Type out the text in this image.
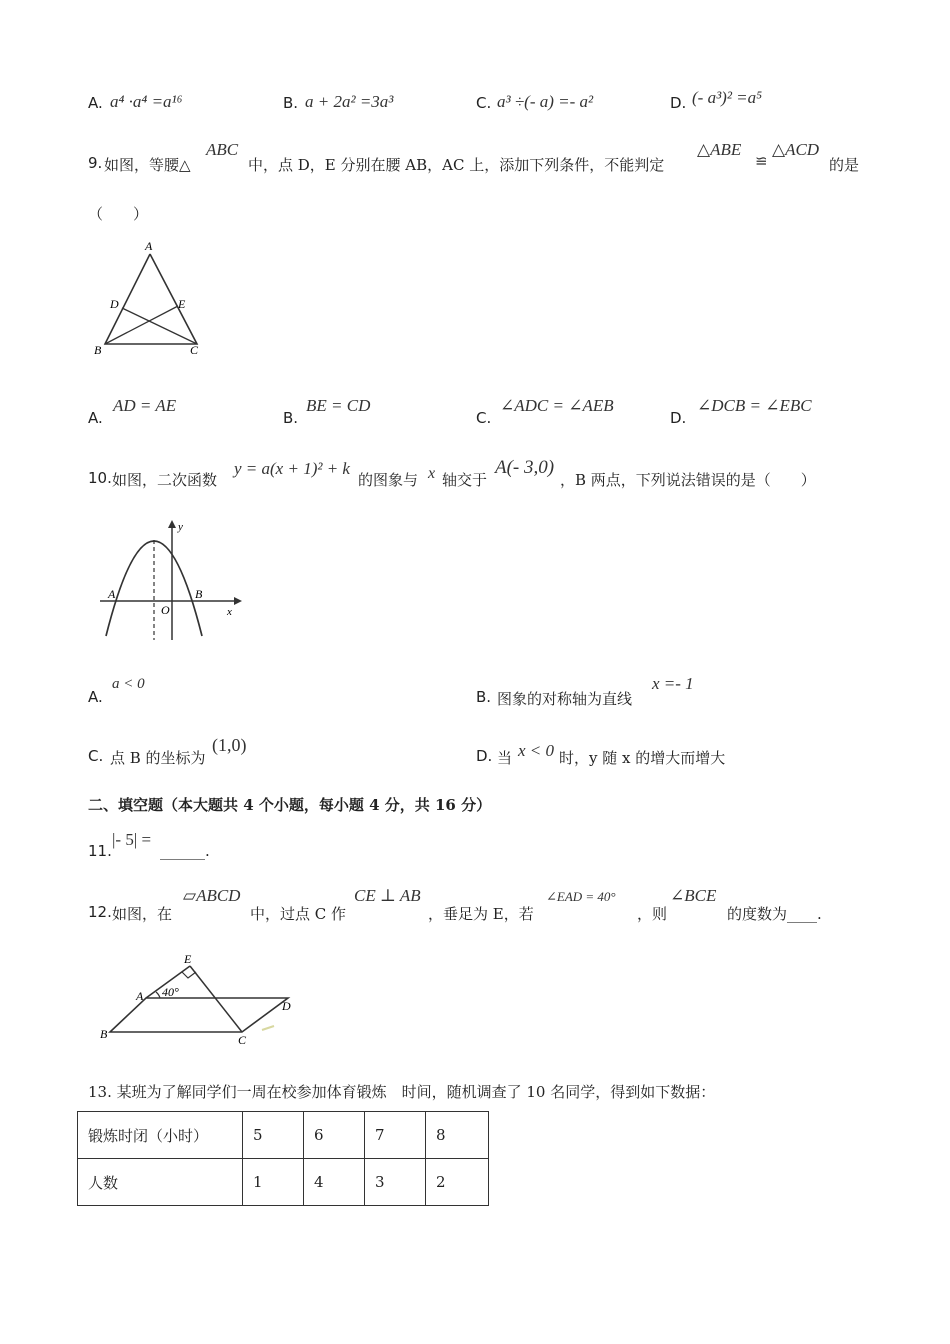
A. a⁴ ·a⁴ =a¹⁶	B. a + 2a² =3a³	C. a³ ÷(- a) =- a²	D. (- a³)² =a⁵
9. 如图，等腰△
ABC
中，点 D，E 分别在腰 AB，AC 上，添加下列条件，不能判定
△ABE
≌
△ACD
的是
（　　）
A
D	E
B	C
A.
AD = AE
B.
BE = CD
C.
∠ADC = ∠AEB
D.
∠DCB = ∠EBC
10. 如图，二次函数
y = a(x + 1)² + k
的图象与 x 轴交于
A(- 3,0)
，B 两点，下列说法错误的是（　　）
y
x
A
O
B
A.
a < 0
B. 图象的对称轴为直线
x =- 1
C. 点 B 的坐标为
(1,0)
D. 当 x < 0 时，y 随 x 的增大而增大
二、填空题（本大题共 4 个小题，每小题 4 分，共 16 分）
11.
|- 5| =
______.
12. 如图，在
▱ABCD
中，过点 C 作
CE ⊥ AB
，垂足为 E，若
∠EAD = 40°
，则
∠BCE
的度数为____.
E
A 40°
D
B	C
13. 某班为了解同学们一周在校参加体育锻炼　时间，随机调查了 10 名同学，得到如下数据：
锻炼时闭（小时）	5	6	7	8
人数	1	4	3	2
